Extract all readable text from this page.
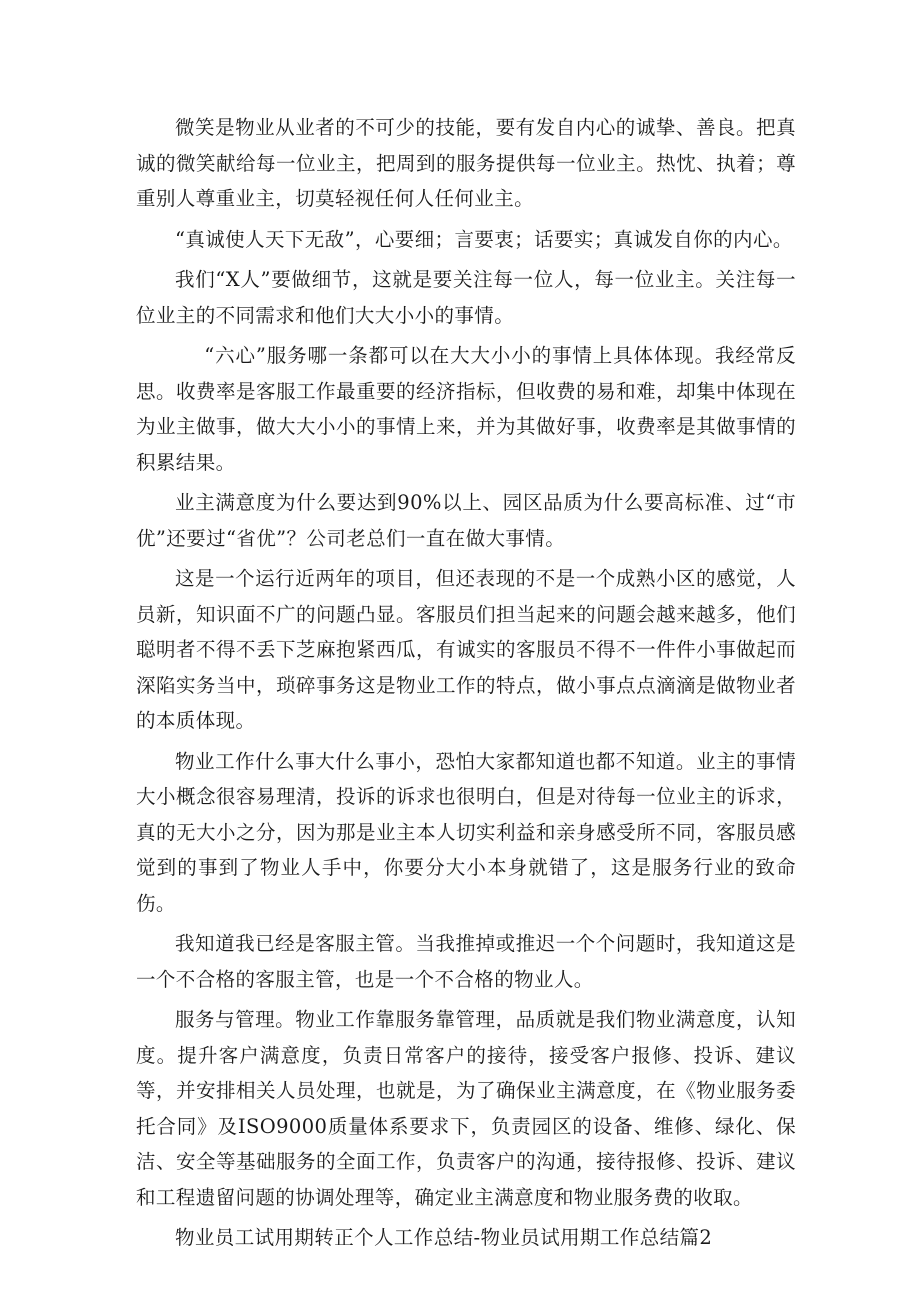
微笑是物业从业者的不可少的技能，要有发自内心的诚挚、善良。把真诚的微笑献给每一位业主，把周到的服务提供每一位业主。热忱、执着；尊重别人尊重业主，切莫轻视任何人任何业主。

“真诚使人天下无敌”，心要细；言要衷；话要实；真诚发自你的内心。

我们“X人”要做细节，这就是要关注每一位人，每一位业主。关注每一位业主的不同需求和他们大大小小的事情。

“六心”服务哪一条都可以在大大小小的事情上具体体现。我经常反思。收费率是客服工作最重要的经济指标，但收费的易和难，却集中体现在为业主做事，做大大小小的事情上来，并为其做好事，收费率是其做事情的积累结果。

业主满意度为什么要达到90%以上、园区品质为什么要高标准、过“市优”还要过“省优”？公司老总们一直在做大事情。

这是一个运行近两年的项目，但还表现的不是一个成熟小区的感觉，人员新，知识面不广的问题凸显。客服员们担当起来的问题会越来越多，他们聪明者不得不丢下芝麻抱紧西瓜，有诚实的客服员不得不一件件小事做起而深陷实务当中，琐碎事务这是物业工作的特点，做小事点点滴滴是做物业者的本质体现。

物业工作什么事大什么事小，恐怕大家都知道也都不知道。业主的事情大小概念很容易理清，投诉的诉求也很明白，但是对待每一位业主的诉求，真的无大小之分，因为那是业主本人切实利益和亲身感受所不同，客服员感觉到的事到了物业人手中，你要分大小本身就错了，这是服务行业的致命伤。

我知道我已经是客服主管。当我推掉或推迟一个个问题时，我知道这是一个不合格的客服主管，也是一个不合格的物业人。

服务与管理。物业工作靠服务靠管理，品质就是我们物业满意度，认知度。提升客户满意度，负责日常客户的接待，接受客户报修、投诉、建议等，并安排相关人员处理，也就是，为了确保业主满意度，在《物业服务委托合同》及ISO9000质量体系要求下，负责园区的设备、维修、绿化、保洁、安全等基础服务的全面工作，负责客户的沟通，接待报修、投诉、建议和工程遗留问题的协调处理等，确定业主满意度和物业服务费的收取。

物业员工试用期转正个人工作总结-物业员试用期工作总结篇2
